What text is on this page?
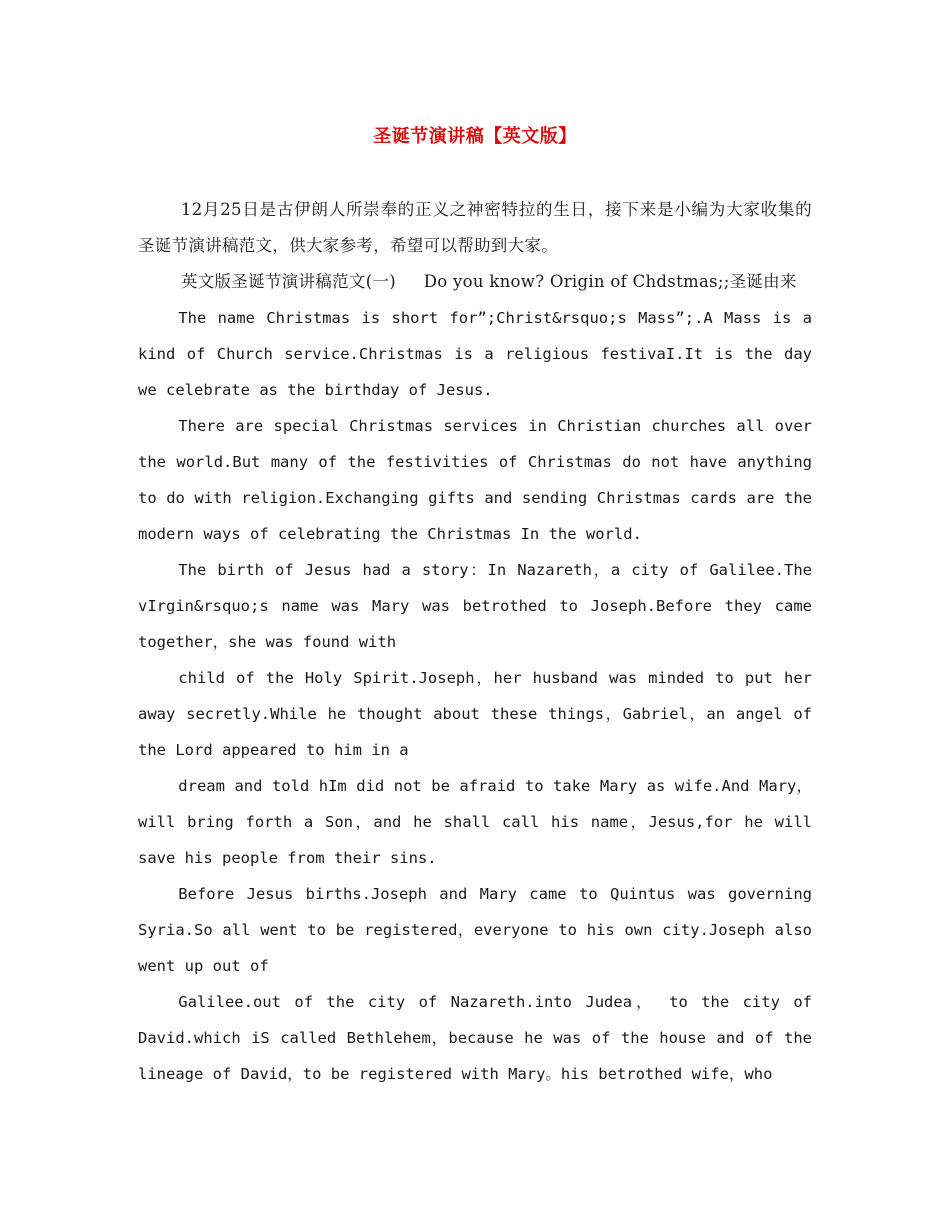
圣诞节演讲稿【英文版】

12月25日是古伊朗人所崇奉的正义之神密特拉的生日，接下来是小编为大家收集的圣诞节演讲稿范文，供大家参考，希望可以帮助到大家。

英文版圣诞节演讲稿范文(一)     Do you know? Origin of Chdstmas;;圣诞由来

The name Christmas is short for”;Christ&rsquo;s Mass”;.A Mass is a kind of Church service.Christmas is a religious festivaI.It is the day we celebrate as the birthday of Jesus.

There are special Christmas services in Christian churches all over the world.But many of the festivities of Christmas do not have anything to do with religion.Exchanging gifts and sending Christmas cards are the modern ways of celebrating the Christmas In the world.

The birth of Jesus had a story：In Nazareth，a city of Galilee.The vIrgin&rsquo;s name was Mary was betrothed to Joseph.Before they came together，she was found with

child of the Holy Spirit.Joseph，her husband was minded to put her away secretly.While he thought about these things，Gabriel，an angel of the Lord appeared to him in a

dream and told hIm did not be afraid to take Mary as wife.And Mary，will bring forth a Son，and he shall call his name，Jesus,for he will save his people from their sins.

Before Jesus births.Joseph and Mary came to Quintus was governing Syria.So all went to be registered，everyone to his own city.Joseph also went up out of

Galilee.out of the city of Nazareth.into Judea， to the city of David.which iS called Bethlehem，because he was of the house and of the lineage of David，to be registered with Mary。his betrothed wife，who
